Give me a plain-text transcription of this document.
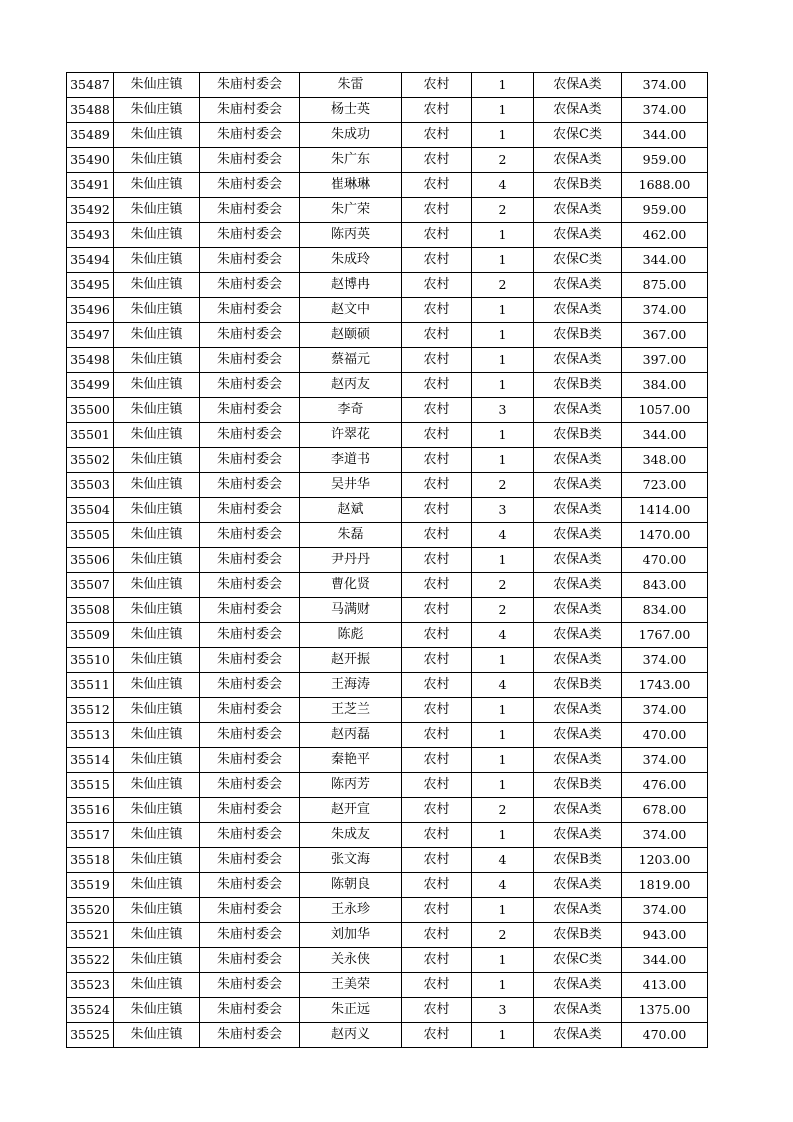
35487	朱仙庄镇	朱庙村委会	朱雷	农村	1	农保A类	374.00
35488	朱仙庄镇	朱庙村委会	杨士英	农村	1	农保A类	374.00
35489	朱仙庄镇	朱庙村委会	朱成功	农村	1	农保C类	344.00
35490	朱仙庄镇	朱庙村委会	朱广东	农村	2	农保A类	959.00
35491	朱仙庄镇	朱庙村委会	崔琳琳	农村	4	农保B类	1688.00
35492	朱仙庄镇	朱庙村委会	朱广荣	农村	2	农保A类	959.00
35493	朱仙庄镇	朱庙村委会	陈丙英	农村	1	农保A类	462.00
35494	朱仙庄镇	朱庙村委会	朱成玲	农村	1	农保C类	344.00
35495	朱仙庄镇	朱庙村委会	赵博冉	农村	2	农保A类	875.00
35496	朱仙庄镇	朱庙村委会	赵文中	农村	1	农保A类	374.00
35497	朱仙庄镇	朱庙村委会	赵颐硕	农村	1	农保B类	367.00
35498	朱仙庄镇	朱庙村委会	蔡福元	农村	1	农保A类	397.00
35499	朱仙庄镇	朱庙村委会	赵丙友	农村	1	农保B类	384.00
35500	朱仙庄镇	朱庙村委会	李奇	农村	3	农保A类	1057.00
35501	朱仙庄镇	朱庙村委会	许翠花	农村	1	农保B类	344.00
35502	朱仙庄镇	朱庙村委会	李道书	农村	1	农保A类	348.00
35503	朱仙庄镇	朱庙村委会	吴井华	农村	2	农保A类	723.00
35504	朱仙庄镇	朱庙村委会	赵斌	农村	3	农保A类	1414.00
35505	朱仙庄镇	朱庙村委会	朱磊	农村	4	农保A类	1470.00
35506	朱仙庄镇	朱庙村委会	尹丹丹	农村	1	农保A类	470.00
35507	朱仙庄镇	朱庙村委会	曹化贤	农村	2	农保A类	843.00
35508	朱仙庄镇	朱庙村委会	马满财	农村	2	农保A类	834.00
35509	朱仙庄镇	朱庙村委会	陈彪	农村	4	农保A类	1767.00
35510	朱仙庄镇	朱庙村委会	赵开振	农村	1	农保A类	374.00
35511	朱仙庄镇	朱庙村委会	王海涛	农村	4	农保B类	1743.00
35512	朱仙庄镇	朱庙村委会	王芝兰	农村	1	农保A类	374.00
35513	朱仙庄镇	朱庙村委会	赵丙磊	农村	1	农保A类	470.00
35514	朱仙庄镇	朱庙村委会	秦艳平	农村	1	农保A类	374.00
35515	朱仙庄镇	朱庙村委会	陈丙芳	农村	1	农保B类	476.00
35516	朱仙庄镇	朱庙村委会	赵开宣	农村	2	农保A类	678.00
35517	朱仙庄镇	朱庙村委会	朱成友	农村	1	农保A类	374.00
35518	朱仙庄镇	朱庙村委会	张文海	农村	4	农保B类	1203.00
35519	朱仙庄镇	朱庙村委会	陈朝良	农村	4	农保A类	1819.00
35520	朱仙庄镇	朱庙村委会	王永珍	农村	1	农保A类	374.00
35521	朱仙庄镇	朱庙村委会	刘加华	农村	2	农保B类	943.00
35522	朱仙庄镇	朱庙村委会	关永侠	农村	1	农保C类	344.00
35523	朱仙庄镇	朱庙村委会	王美荣	农村	1	农保A类	413.00
35524	朱仙庄镇	朱庙村委会	朱正远	农村	3	农保A类	1375.00
35525	朱仙庄镇	朱庙村委会	赵丙义	农村	1	农保A类	470.00
